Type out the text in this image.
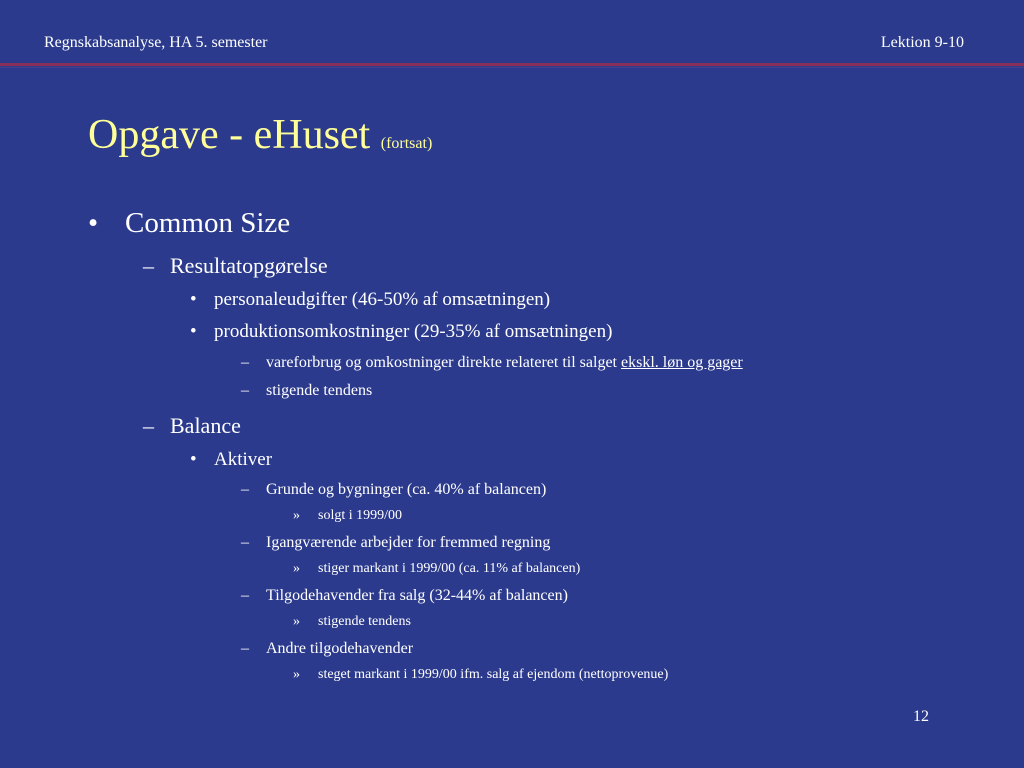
Regnskabsanalyse, HA 5. semester	Lektion 9-10
Opgave - eHuset (fortsat)
• Common Size
– Resultatopgørelse
• personaleudgifter (46-50% af omsætningen)
• produktionsomkostninger (29-35% af omsætningen)
– vareforbrug og omkostninger direkte relateret til salget ekskl. løn og gager
– stigende tendens
– Balance
• Aktiver
– Grunde og bygninger (ca. 40% af balancen)
» solgt i 1999/00
– Igangværende arbejder for fremmed regning
» stiger markant i 1999/00 (ca. 11% af balancen)
– Tilgodehavender fra salg (32-44% af balancen)
» stigende tendens
– Andre tilgodehavender
» steget markant i 1999/00 ifm. salg af ejendom (nettoprovenue)
12
